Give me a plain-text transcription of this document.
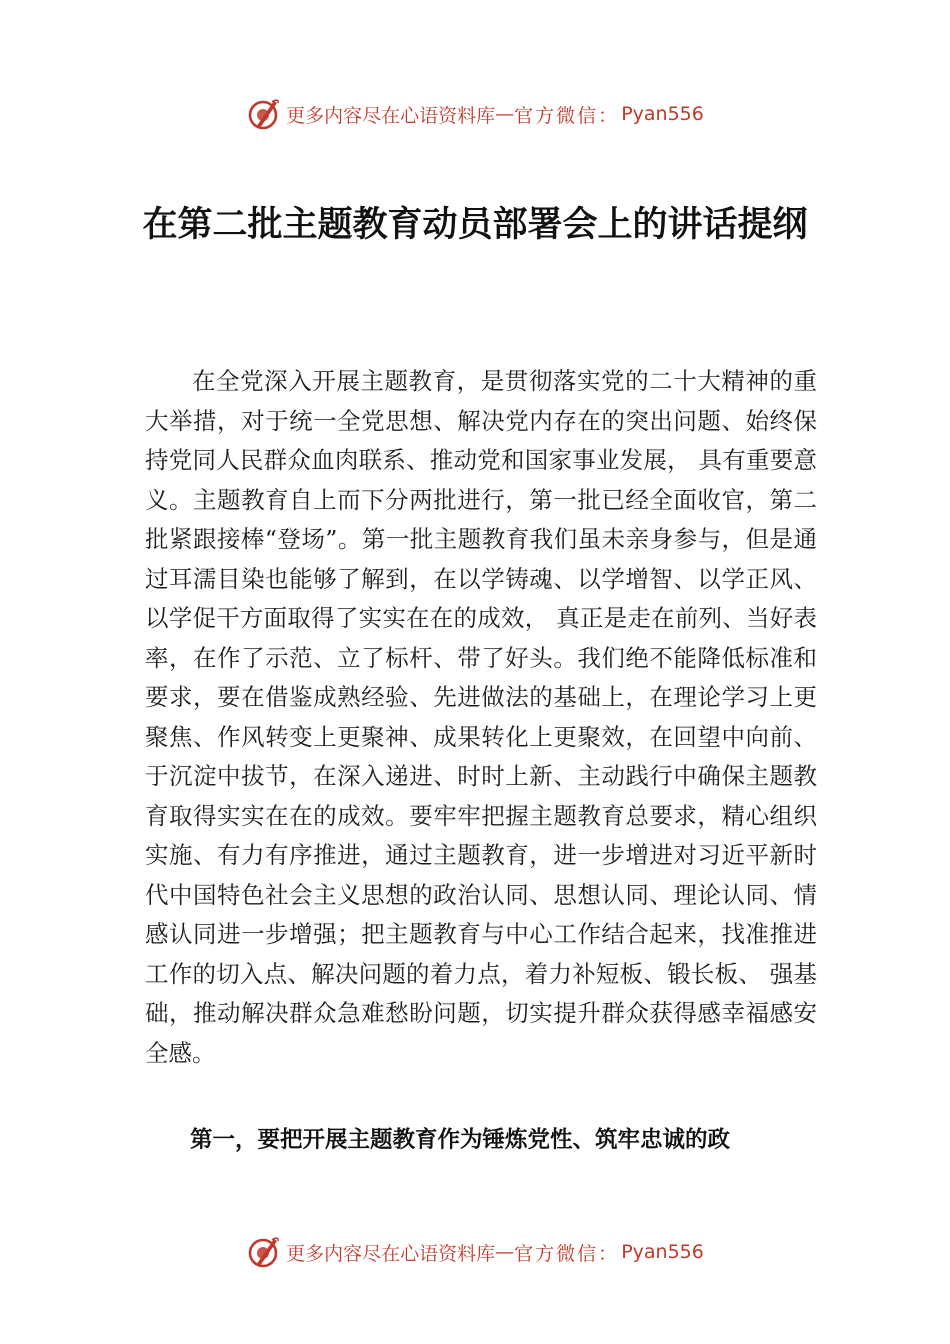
更多内容尽在心语资料库 — 官方微信： Pyan556
在第二批主题教育动员部署会上的讲话提纲

在全党深入开展主题教育，是贯彻落实党的二十大精神的重大举措，对于统一全党思想、解决党内存在的突出问题、始终保持党同人民群众血肉联系、推动党和国家事业发展， 具有重要意义。主题教育自上而下分两批进行，第一批已经全面收官，第二批紧跟接棒“登场”。第一批主题教育我们虽未亲身参与，但是通过耳濡目染也能够了解到，在以学铸魂、以学增智、以学正风、以学促干方面取得了实实在在的成效， 真正是走在前列、当好表率，在作了示范、立了标杆、带了好头。我们绝不能降低标准和要求，要在借鉴成熟经验、先进做法的基础上，在理论学习上更聚焦、作风转变上更聚神、成果转化上更聚效，在回望中向前、于沉淀中拔节，在深入递进、时时上新、主动践行中确保主题教育取得实实在在的成效。要牢牢把握主题教育总要求，精心组织实施、有力有序推进，通过主题教育，进一步增进对习近平新时代中国特色社会主义思想的政治认同、思想认同、理论认同、情感认同进一步增强；把主题教育与中心工作结合起来，找准推进工作的切入点、解决问题的着力点，着力补短板、锻长板、 强基础，推动解决群众急难愁盼问题，切实提升群众获得感幸福感安全感。

第一，要把开展主题教育作为锤炼党性、筑牢忠诚的政

更多内容尽在心语资料库 — 官方微信： Pyan556
